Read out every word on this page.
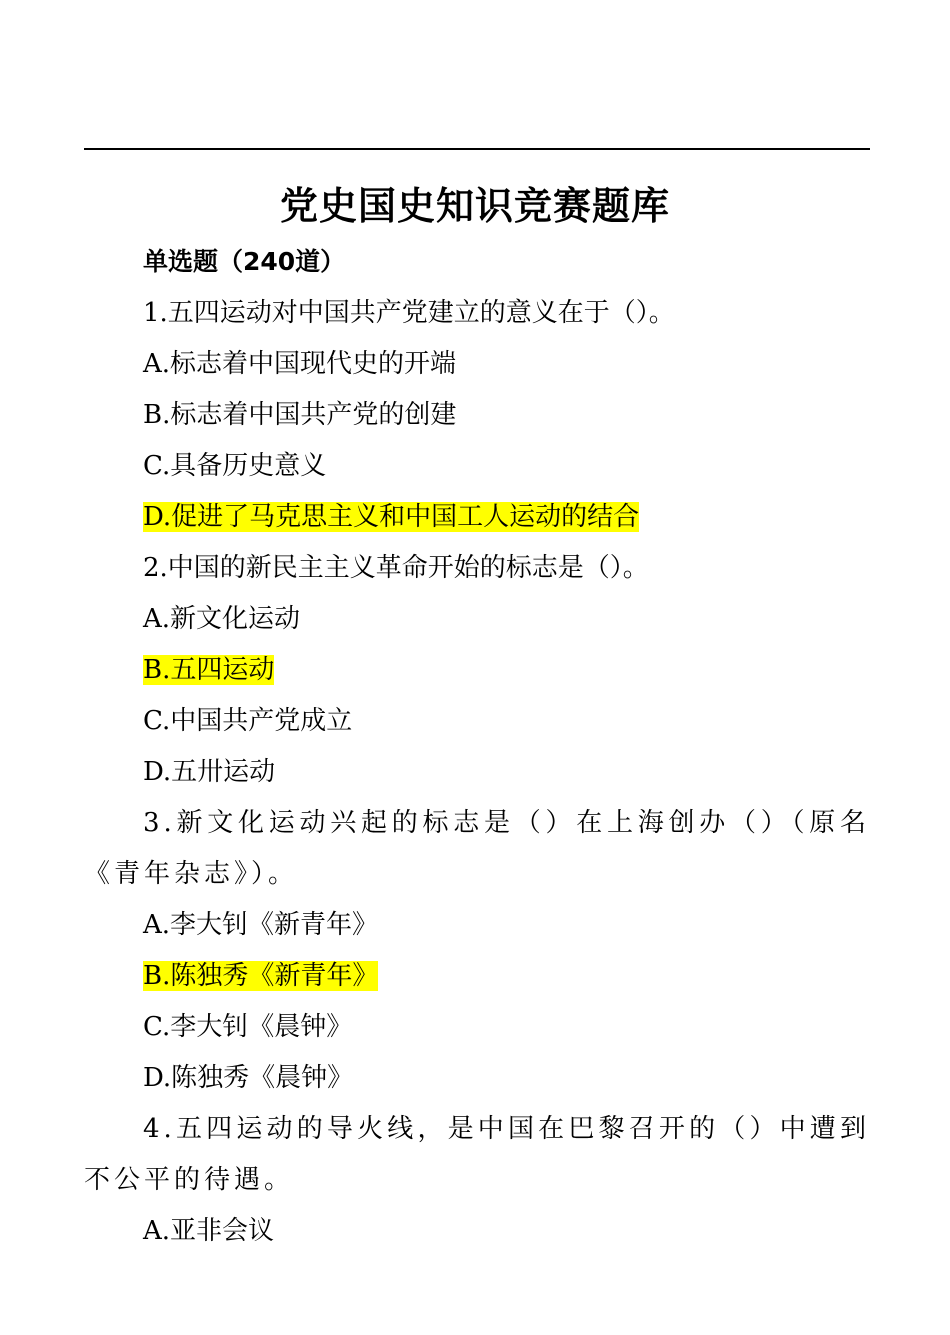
党史国史知识竞赛题库
单选题（240道）
1.五四运动对中国共产党建立的意义在于（）。
A.标志着中国现代史的开端
B.标志着中国共产党的创建
C.具备历史意义
D.促进了马克思主义和中国工人运动的结合
2.中国的新民主主义革命开始的标志是（）。
A.新文化运动
B.五四运动
C.中国共产党成立
D.五卅运动
3.新文化运动兴起的标志是（）在上海创办（）（原名《青年杂志》）。
A.李大钊《新青年》
B.陈独秀《新青年》
C.李大钊《晨钟》
D.陈独秀《晨钟》
4.五四运动的导火线，是中国在巴黎召开的（）中遭到不公平的待遇。
A.亚非会议
